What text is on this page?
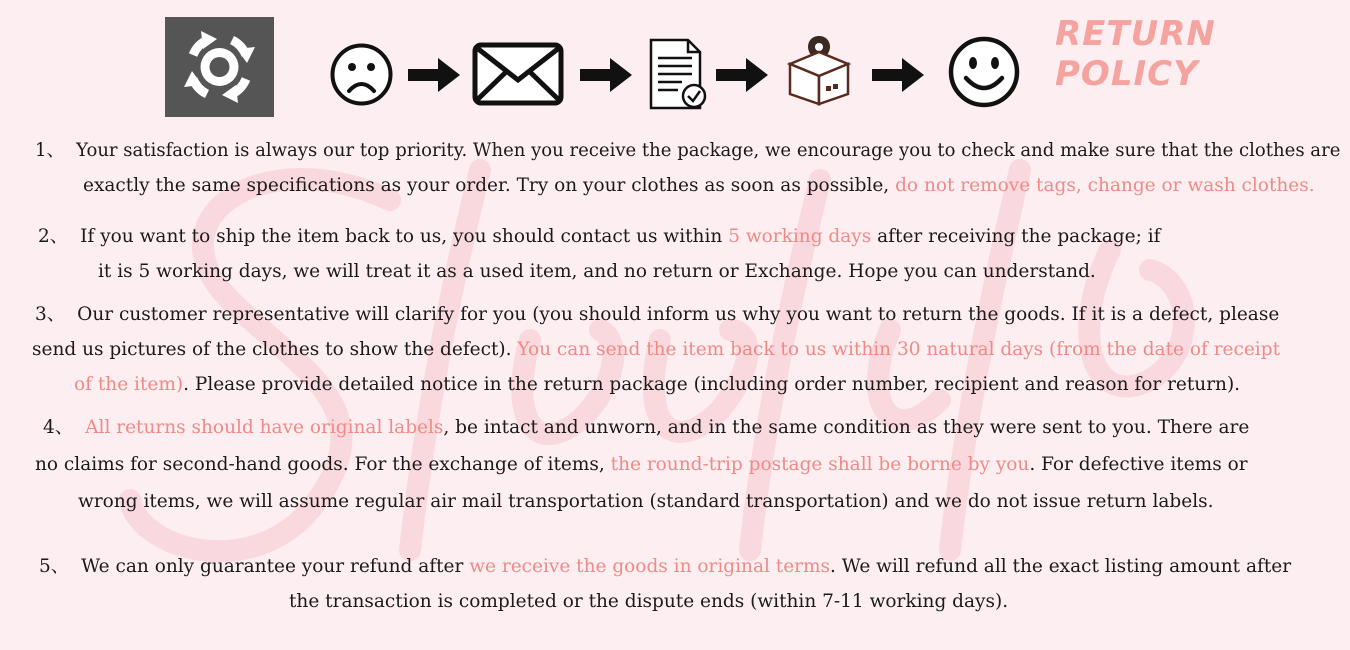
RETURN POLICY
1、 Your satisfaction is always our top priority. When you receive the package, we encourage you to check and make sure that the clothes are
exactly the same specifications as your order. Try on your clothes as soon as possible, do not remove tags, change or wash clothes.
2、 If you want to ship the item back to us, you should contact us within 5 working days after receiving the package; if
it is 5 working days, we will treat it as a used item, and no return or Exchange. Hope you can understand.
3、 Our customer representative will clarify for you (you should inform us why you want to return the goods. If it is a defect, please
send us pictures of the clothes to show the defect). You can send the item back to us within 30 natural days (from the date of receipt
of the item). Please provide detailed notice in the return package (including order number, recipient and reason for return).
4、 All returns should have original labels, be intact and unworn, and in the same condition as they were sent to you. There are
no claims for second-hand goods. For the exchange of items, the round-trip postage shall be borne by you. For defective items or
wrong items, we will assume regular air mail transportation (standard transportation) and we do not issue return labels.
5、 We can only guarantee your refund after we receive the goods in original terms. We will refund all the exact listing amount after
the transaction is completed or the dispute ends (within 7-11 working days).
